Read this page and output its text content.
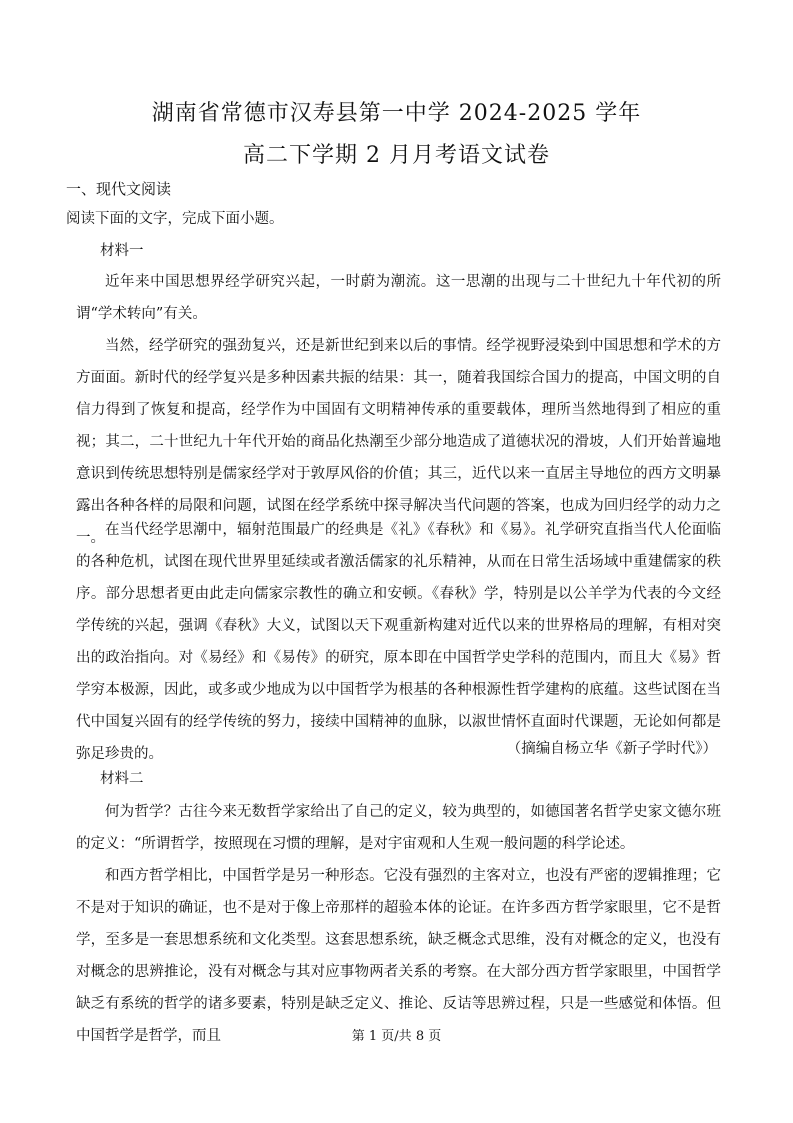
湖南省常德市汉寿县第一中学 2024-2025 学年
高二下学期 2 月月考语文试卷
一、现代文阅读
阅读下面的文字，完成下面小题。
材料一
近年来中国思想界经学研究兴起，一时蔚为潮流。这一思潮的出现与二十世纪九十年代初的所谓“学术转向”有关。
当然，经学研究的强劲复兴，还是新世纪到来以后的事情。经学视野浸染到中国思想和学术的方方面面。新时代的经学复兴是多种因素共振的结果：其一，随着我国综合国力的提高，中国文明的自信力得到了恢复和提高，经学作为中国固有文明精神传承的重要载体，理所当然地得到了相应的重视；其二，二十世纪九十年代开始的商品化热潮至少部分地造成了道德状况的滑坡，人们开始普遍地意识到传统思想特别是儒家经学对于敦厚风俗的价值；其三，近代以来一直居主导地位的西方文明暴露出各种各样的局限和问题，试图在经学系统中探寻解决当代问题的答案，也成为回归经学的动力之一。 在当代经学思潮中，辐射范围最广的经典是《礼》《春秋》和《易》。礼学研究直指当代人伦面临的各种危机，试图在现代世界里延续或者激活儒家的礼乐精神，从而在日常生活场域中重建儒家的秩序。部分思想者更由此走向儒家宗教性的确立和安顿。《春秋》学，特别是以公羊学为代表的今文经学传统的兴起，强调《春秋》大义，试图以天下观重新构建对近代以来的世界格局的理解，有相对突出的政治指向。对《易经》和《易传》的研究，原本即在中国哲学史学科的范围内，而且大《易》哲学穷本极源，因此，或多或少地成为以中国哲学为根基的各种根源性哲学建构的底蕴。这些试图在当代中国复兴固有的经学传统的努力，接续中国精神的血脉，以淑世情怀直面时代课题，无论如何都是弥足珍贵的。	（摘编自杨立华《新子学时代》）
材料二
何为哲学？古往今来无数哲学家给出了自己的定义，较为典型的，如德国著名哲学史家文德尔班的定义：“所谓哲学，按照现在习惯的理解，是对宇宙观和人生观一般问题的科学论述。
和西方哲学相比，中国哲学是另一种形态。它没有强烈的主客对立，也没有严密的逻辑推理；它不是对于知识的确证，也不是对于像上帝那样的超验本体的论证。在许多西方哲学家眼里，它不是哲学，至多是一套思想系统和文化类型。这套思想系统，缺乏概念式思维，没有对概念的定义，也没有对概念的思辨推论，没有对概念与其对应事物两者关系的考察。在大部分西方哲学家眼里，中国哲学缺乏有系统的哲学的诸多要素，特别是缺乏定义、推论、反诘等思辨过程，只是一些感觉和体悟。但中国哲学是哲学，而且	第 1 页/共 8 页
